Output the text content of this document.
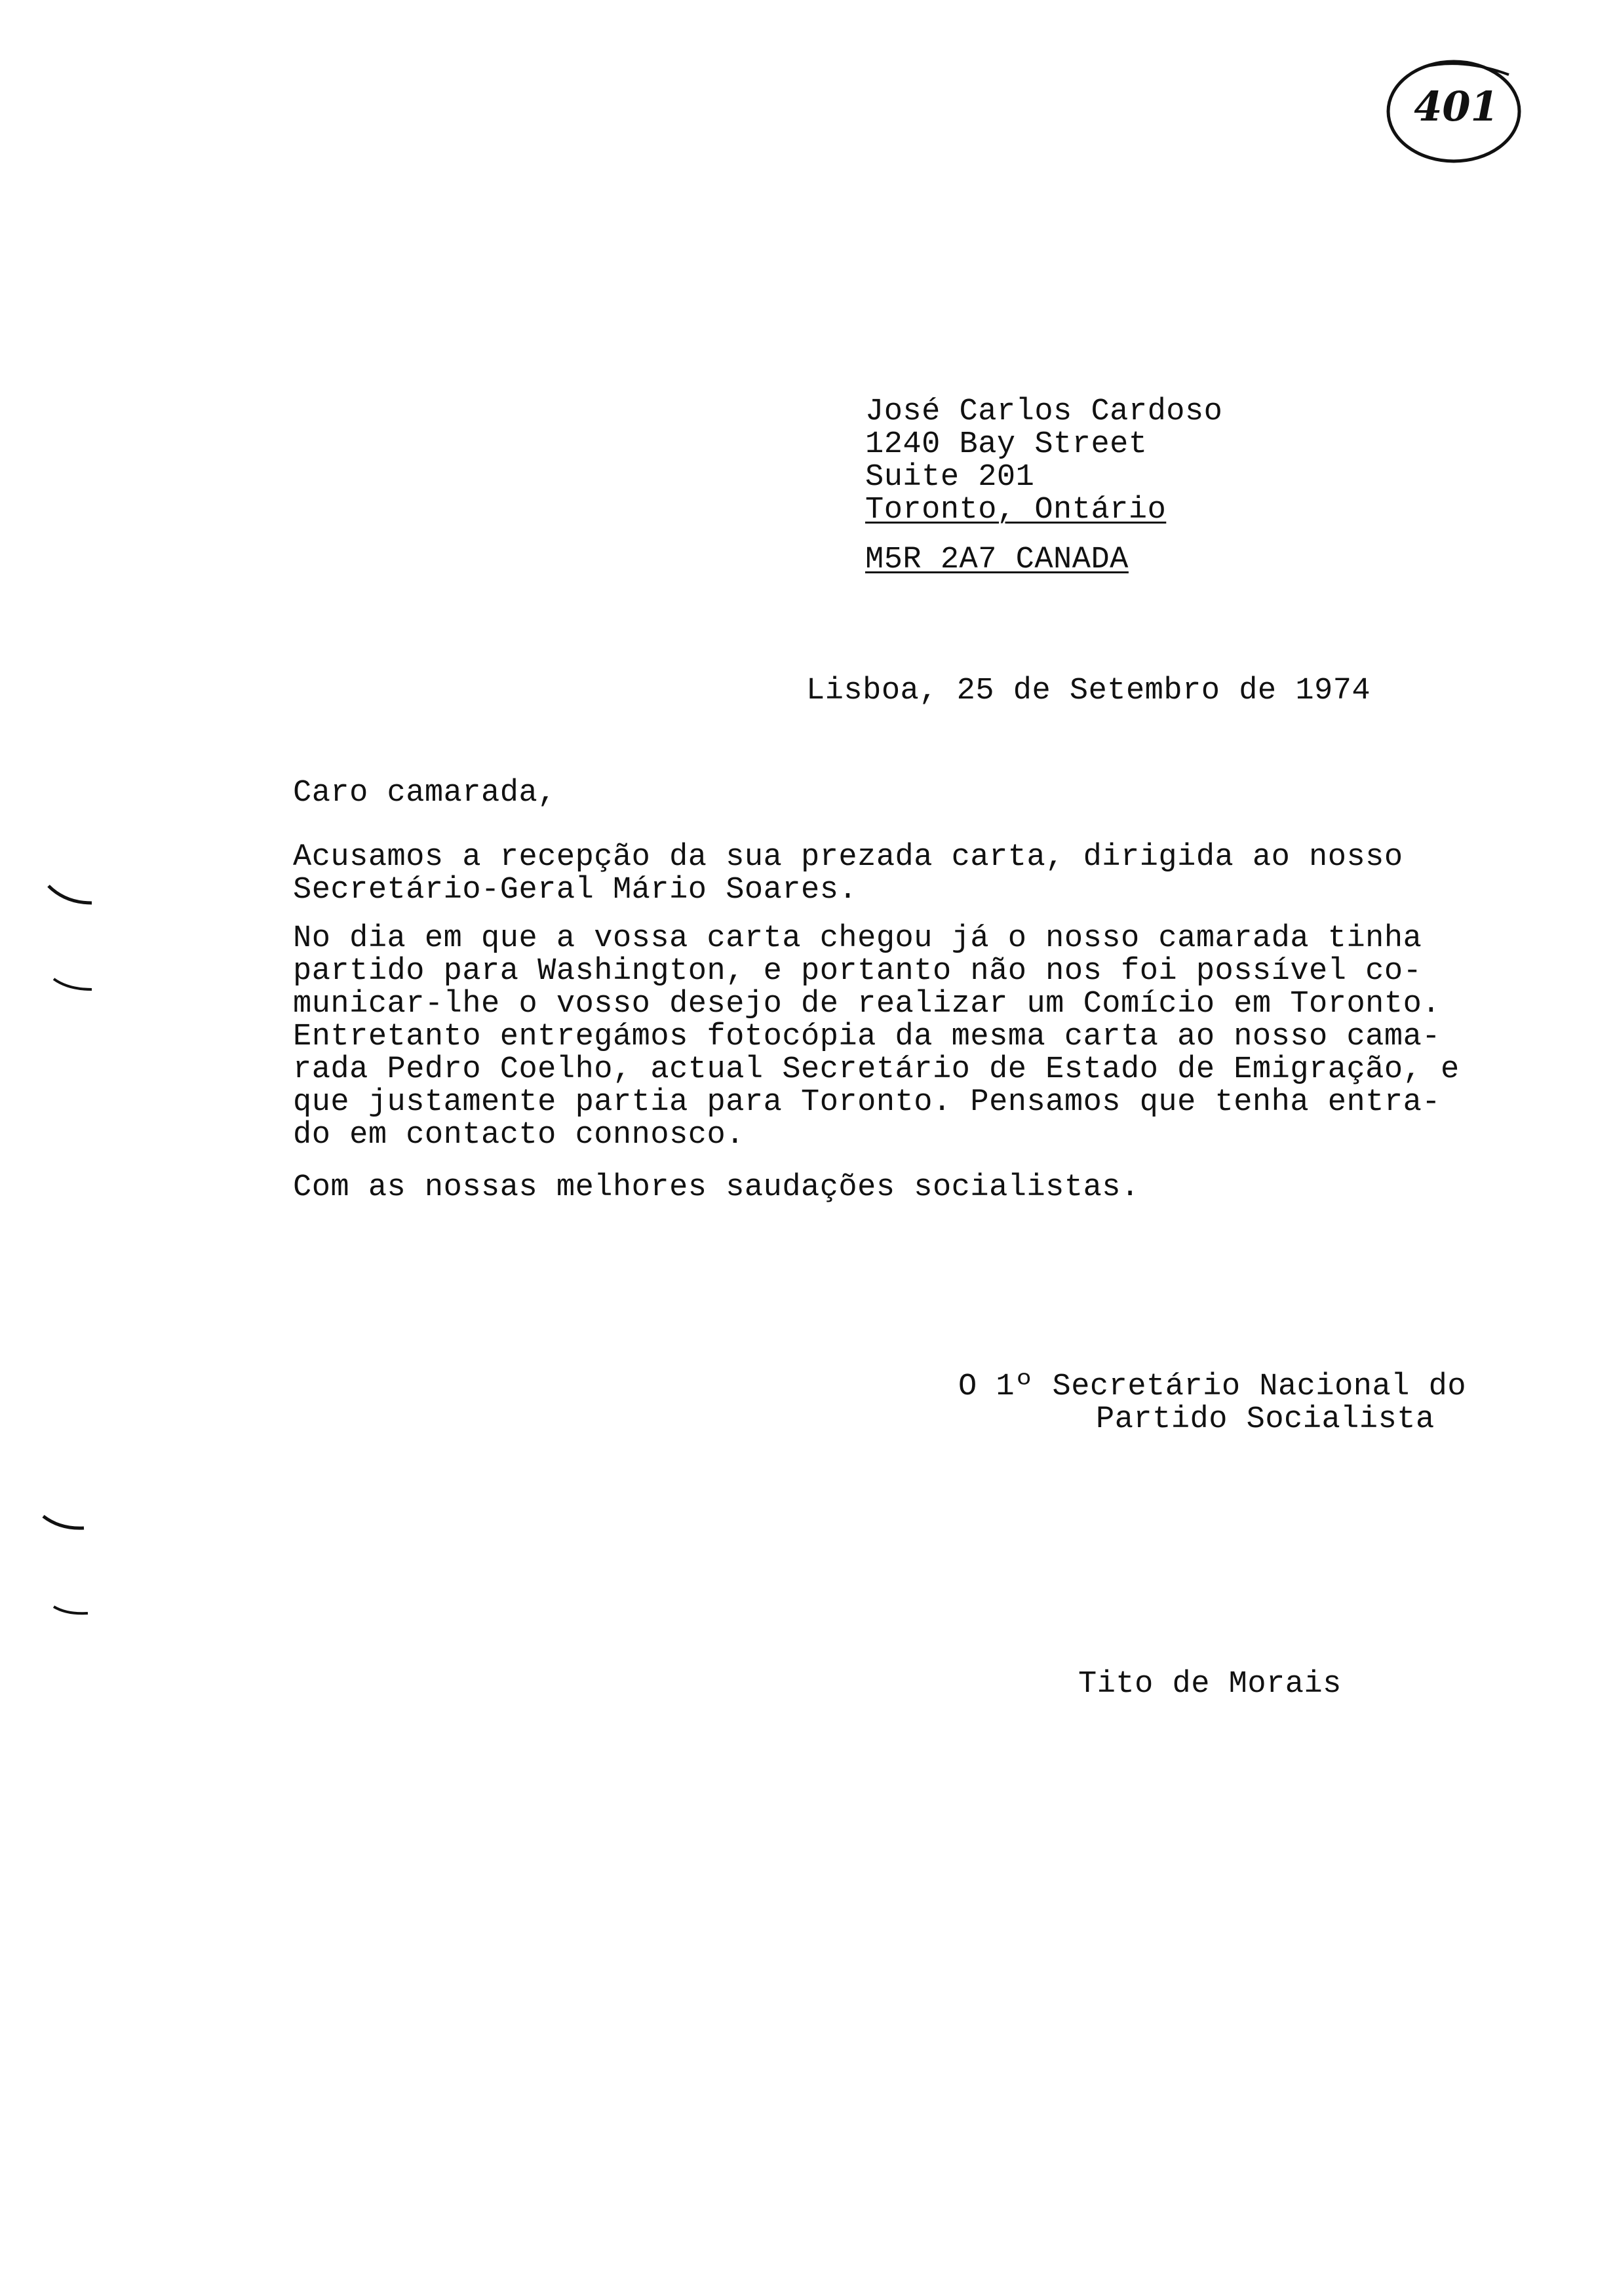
401
José Carlos Cardoso
1240 Bay Street
Suite 201
Toronto, Ontário
M5R 2A7 CANADA
Lisboa, 25 de Setembro de 1974
Caro camarada,
Acusamos a recepção da sua prezada carta, dirigida ao nosso
Secretário-Geral Mário Soares.
No dia em que a vossa carta chegou já o nosso camarada tinha
partido para Washington, e portanto não nos foi possível co-
municar-lhe o vosso desejo de realizar um Comício em Toronto.
Entretanto entregámos fotocópia da mesma carta ao nosso cama-
rada Pedro Coelho, actual Secretário de Estado de Emigração, e
que justamente partia para Toronto. Pensamos que tenha entra-
do em contacto connosco.
Com as nossas melhores saudações socialistas.
O 1º Secretário Nacional do
Partido Socialista
Tito de Morais
